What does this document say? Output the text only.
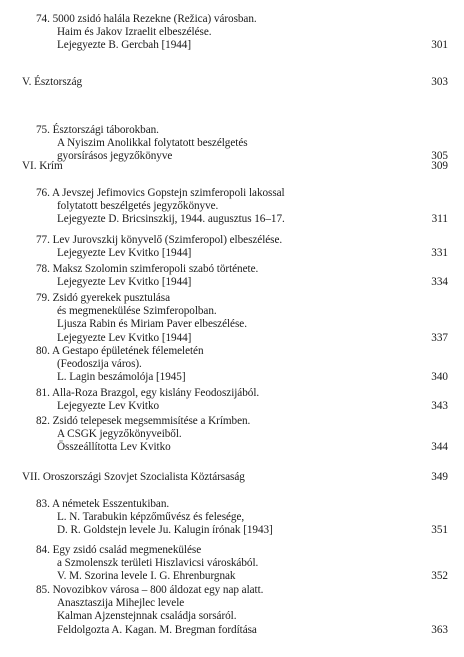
74. 5000 zsidó halála Rezekne (Režica) városban.
Haim és Jakov Izraelit elbeszélése.
Lejegyezte B. Gercbah [1944]	301
V. Észtország	303
75. Észtországi táborokban.
A Nyiszim Anolikkal folytatott beszélgetés
gyorsírásos jegyzőkönyve	305
VI. Krím	309
76. A Jevszej Jefimovics Gopstejn szimferopoli lakossal
folytatott beszélgetés jegyzőkönyve.
Lejegyezte D. Bricsinszkij, 1944. augusztus 16–17.	311
77. Lev Jurovszkij könyvelő (Szimferopol) elbeszélése.
Lejegyezte Lev Kvitko [1944]	331
78. Maksz Szolomin szimferopoli szabó története.
Lejegyezte Lev Kvitko [1944]	334
79. Zsidó gyerekek pusztulása
és megmenekülése Szimferopolban.
Ljusza Rabin és Miriam Paver elbeszélése.
Lejegyezte Lev Kvitko [1944]	337
80. A Gestapo épületének félemeletén
(Feodoszija város).
L. Lagin beszámolója [1945]	340
81. Alla-Roza Brazgol, egy kislány Feodoszijából.
Lejegyezte Lev Kvitko	343
82. Zsidó telepesek megsemmisítése a Krímben.
A CSGK jegyzőkönyveiből.
Összeállította Lev Kvitko	344
VII. Oroszországi Szovjet Szocialista Köztársaság	349
83. A németek Esszentukiban.
L. N. Tarabukin képzőművész és felesége,
D. R. Goldstejn levele Ju. Kalugin írónak [1943]	351
84. Egy zsidó család megmenekülése
a Szmolenszk területi Hiszlavicsi városkából.
V. M. Szorina levele I. G. Ehrenburgnak	352
85. Novozibkov városa – 800 áldozat egy nap alatt.
Anasztaszija Mihejlec levele
Kalman Ajzenstejnnak családja sorsáról.
Feldolgozta A. Kagan. M. Bregman fordítása	363
